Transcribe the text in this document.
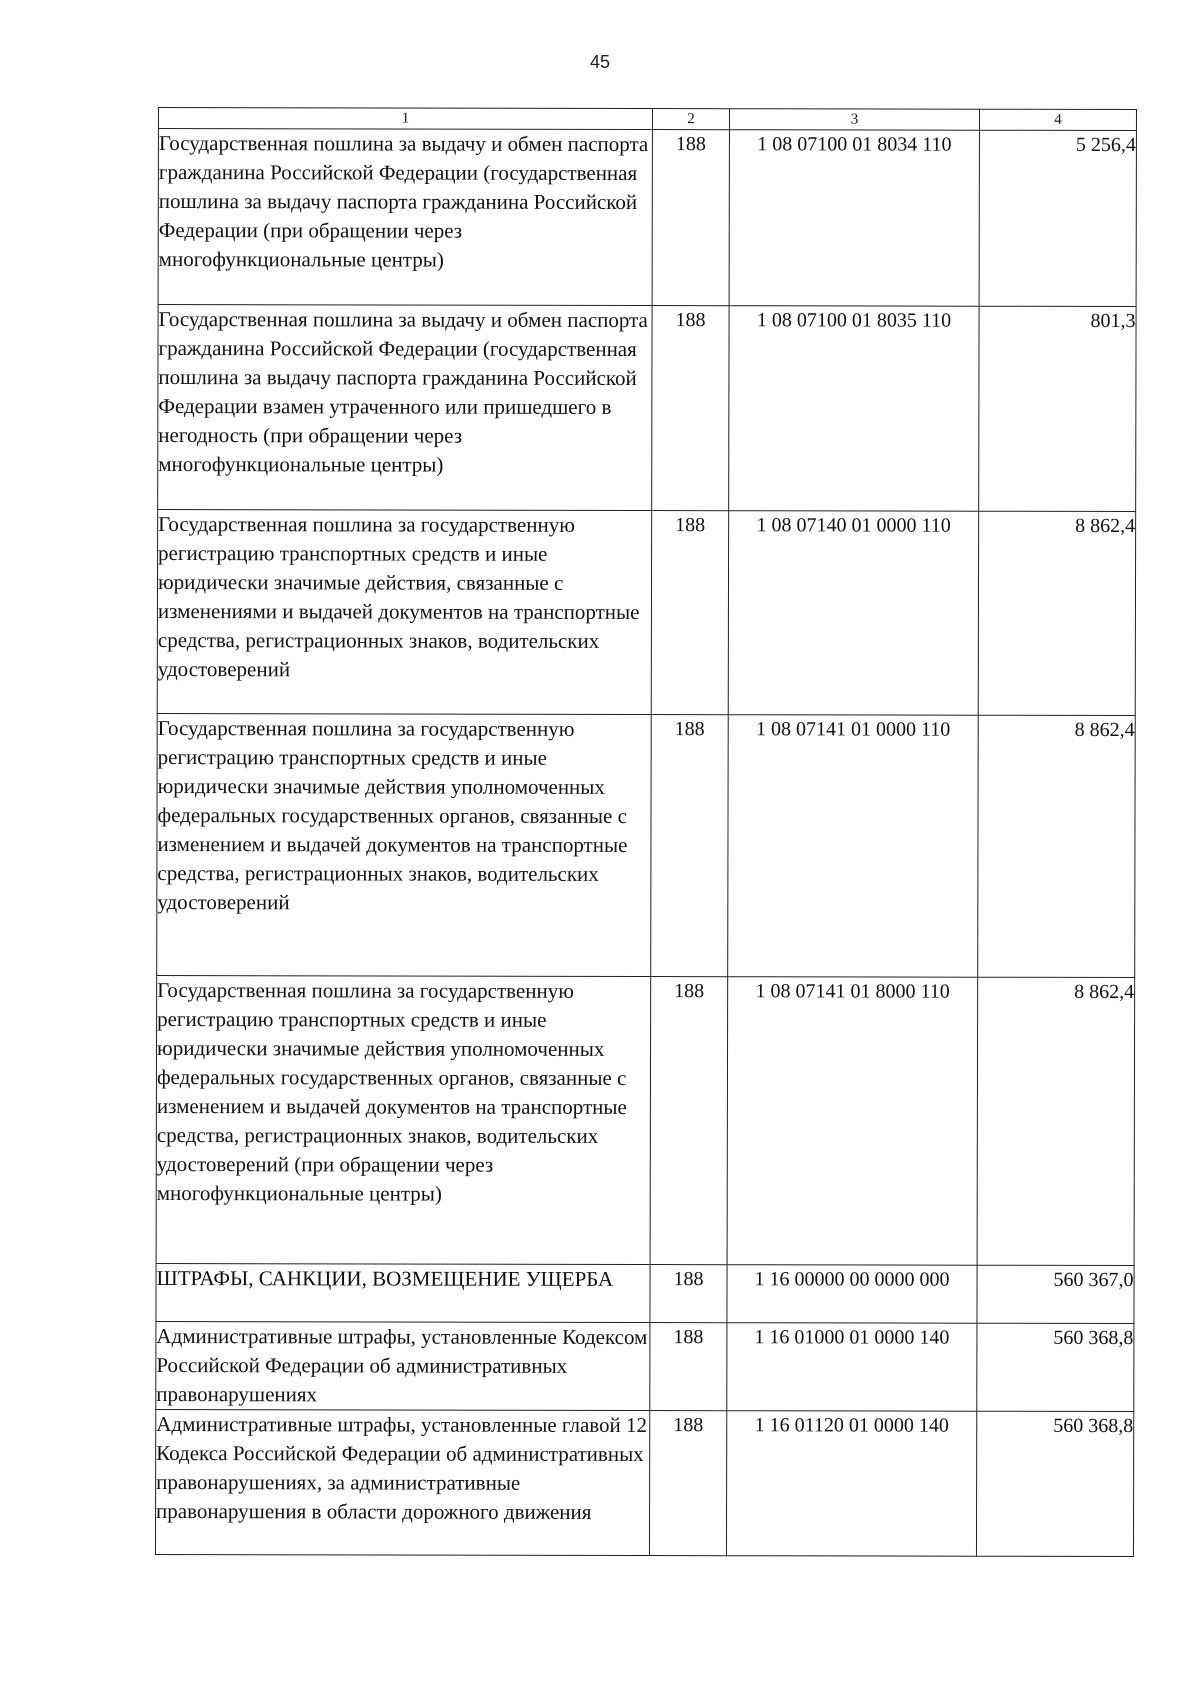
45
1	2	3	4
Государственная пошлина за выдачу и обмен паспорта гражданина Российской Федерации (государственная пошлина за выдачу паспорта гражданина Российской Федерации (при обращении через многофункциональные центры)	188	1 08 07100 01 8034 110	5 256,4
Государственная пошлина за выдачу и обмен паспорта гражданина Российской Федерации (государственная пошлина за выдачу паспорта гражданина Российской Федерации взамен утраченного или пришедшего в негодность (при обращении через многофункциональные центры)	188	1 08 07100 01 8035 110	801,3
Государственная пошлина за государственную регистрацию транспортных средств и иные юридически значимые действия, связанные с изменениями и выдачей документов на транспортные средства, регистрационных знаков, водительских удостоверений	188	1 08 07140 01 0000 110	8 862,4
Государственная пошлина за государственную регистрацию транспортных средств и иные юридически значимые действия уполномоченных федеральных государственных органов, связанные с изменением и выдачей документов на транспортные средства, регистрационных знаков, водительских удостоверений	188	1 08 07141 01 0000 110	8 862,4
Государственная пошлина за государственную регистрацию транспортных средств и иные юридически значимые действия уполномоченных федеральных государственных органов, связанные с изменением и выдачей документов на транспортные средства, регистрационных знаков, водительских удостоверений (при обращении через многофункциональные центры)	188	1 08 07141 01 8000 110	8 862,4
ШТРАФЫ, САНКЦИИ, ВОЗМЕЩЕНИЕ УЩЕРБА	188	1 16 00000 00 0000 000	560 367,0
Административные штрафы, установленные Кодексом Российской Федерации об административных правонарушениях	188	1 16 01000 01 0000 140	560 368,8
Административные штрафы, установленные главой 12 Кодекса Российской Федерации об административных правонарушениях, за административные правонарушения в области дорожного движения	188	1 16 01120 01 0000 140	560 368,8
